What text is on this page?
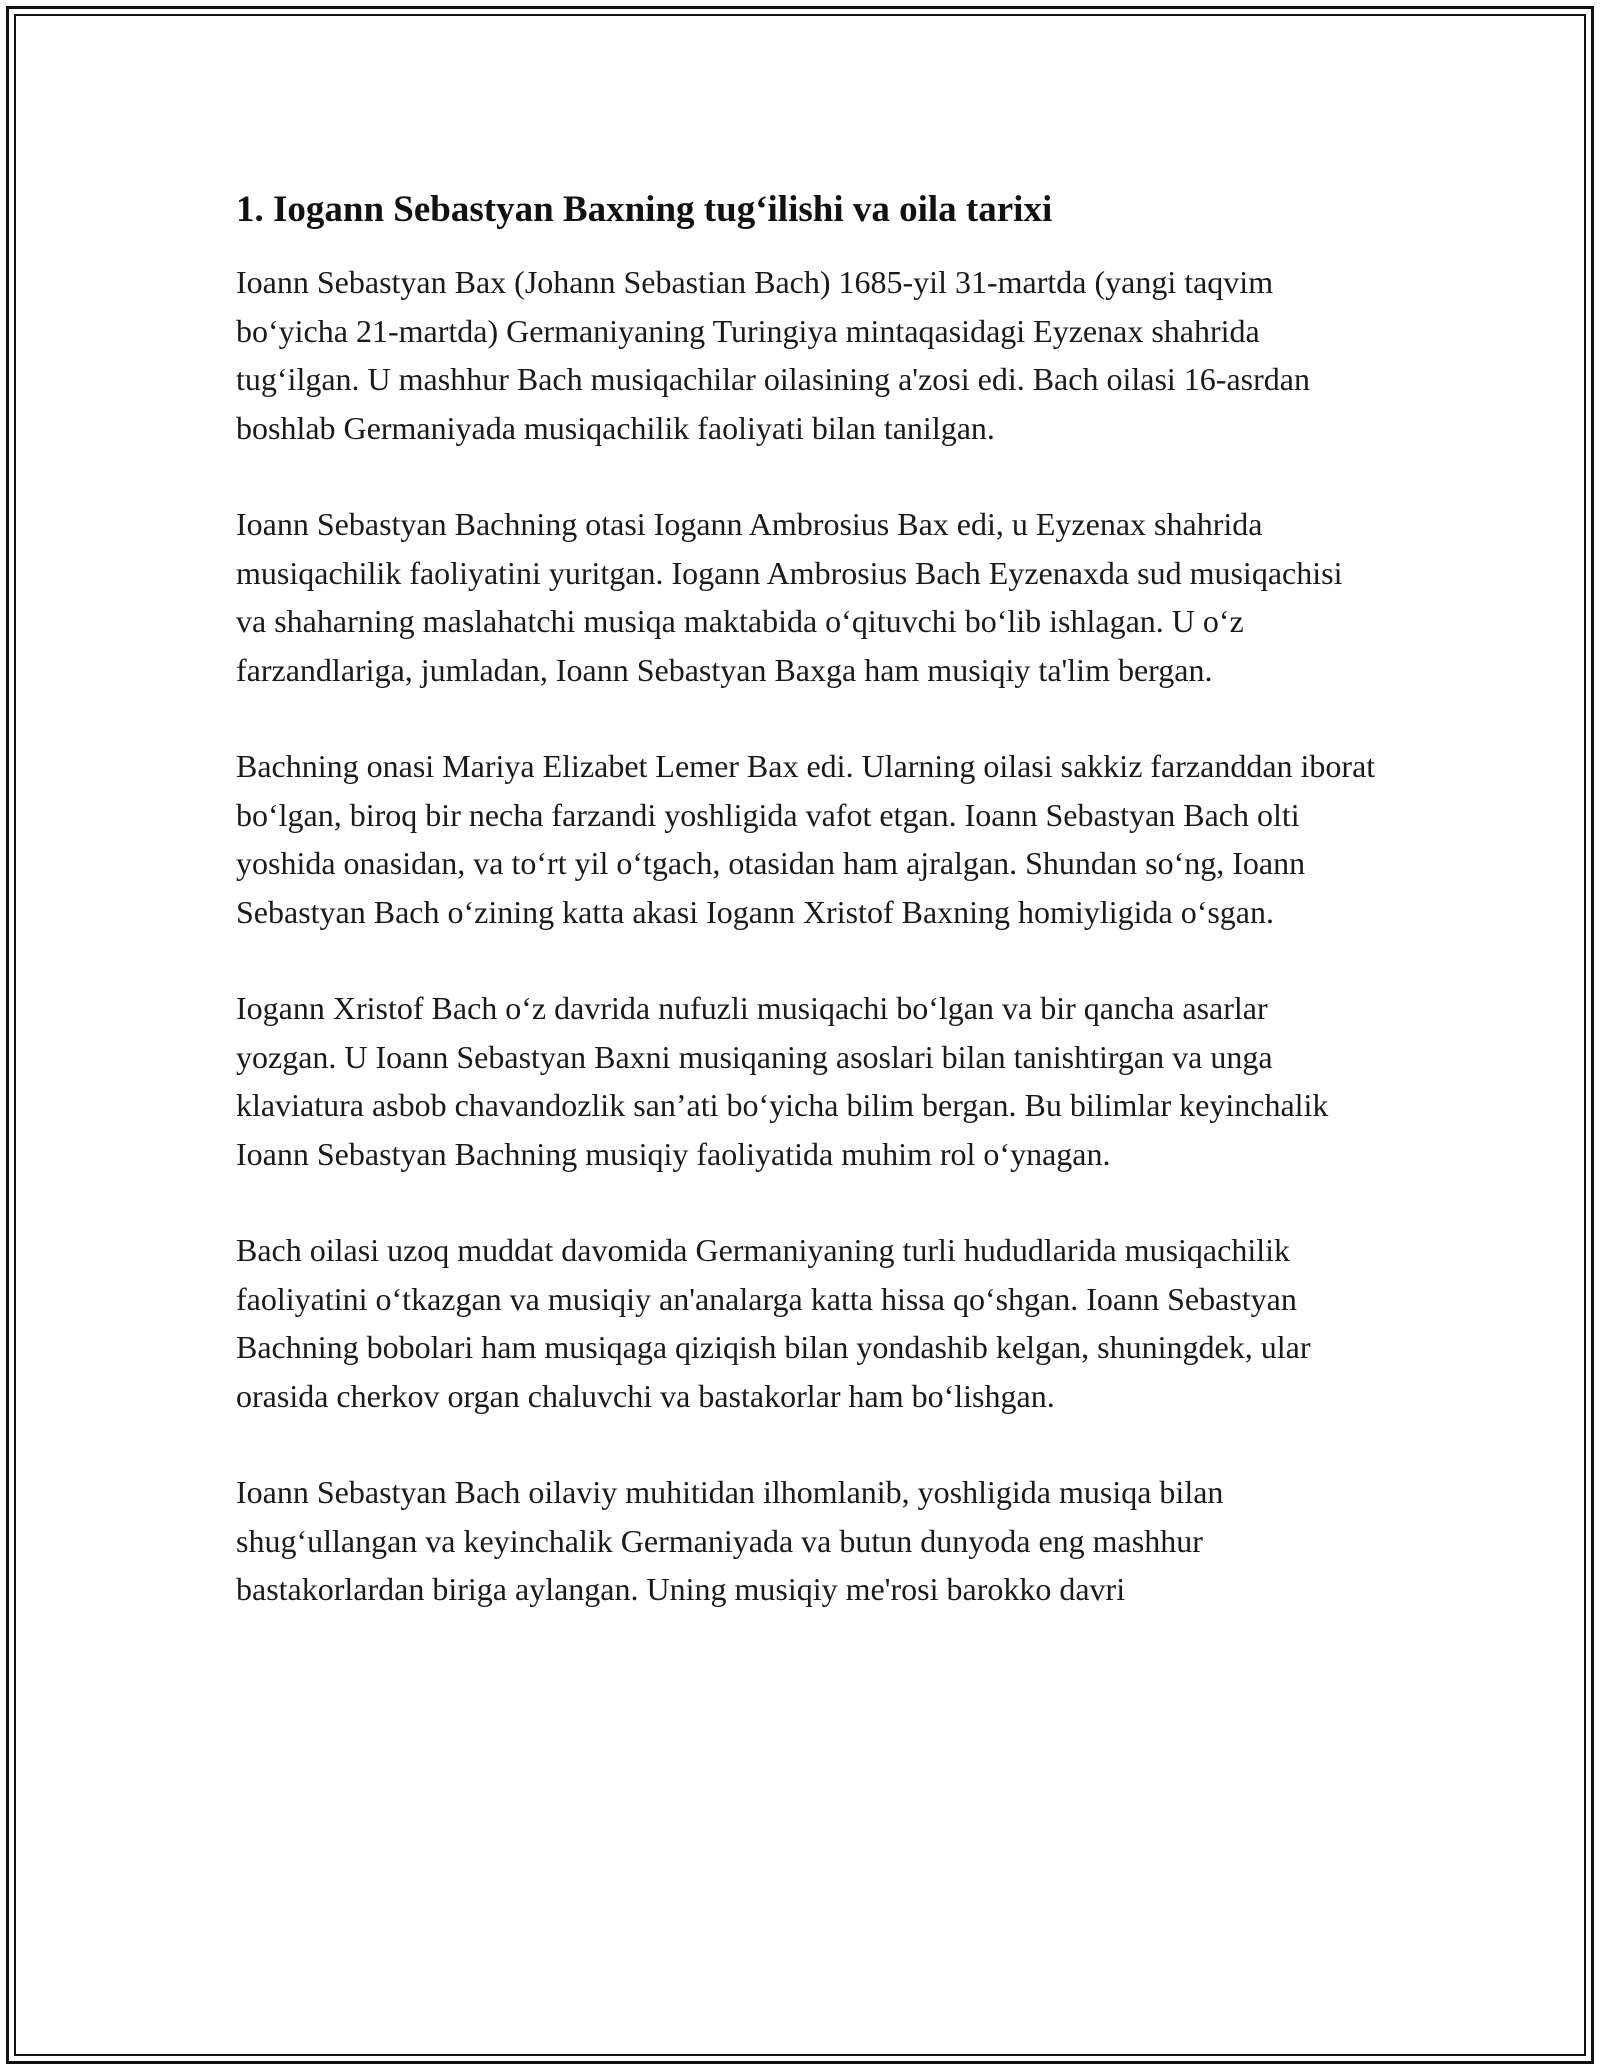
1. Iogann Sebastyan Baxning tug‘ilishi va oila tarixi

Ioann Sebastyan Bax (Johann Sebastian Bach) 1685-yil 31-martda (yangi taqvim bo‘yicha 21-martda) Germaniyaning Turingiya mintaqasidagi Eyzenax shahrida tug‘ilgan. U mashhur Bach musiqachilar oilasining a'zosi edi. Bach oilasi 16-asrdan boshlab Germaniyada musiqachilik faoliyati bilan tanilgan.

Ioann Sebastyan Bachning otasi Iogann Ambrosius Bax edi, u Eyzenax shahrida musiqachilik faoliyatini yuritgan. Iogann Ambrosius Bach Eyzenaxda sud musiqachisi va shaharning maslahatchi musiqa maktabida o‘qituvchi bo‘lib ishlagan. U o‘z farzandlariga, jumladan, Ioann Sebastyan Baxga ham musiqiy ta'lim bergan.

Bachning onasi Mariya Elizabet Lemer Bax edi. Ularning oilasi sakkiz farzanddan iborat bo‘lgan, biroq bir necha farzandi yoshligida vafot etgan. Ioann Sebastyan Bach olti yoshida onasidan, va to‘rt yil o‘tgach, otasidan ham ajralgan. Shundan so‘ng, Ioann Sebastyan Bach o‘zining katta akasi Iogann Xristof Baxning homiyligida o‘sgan.

Iogann Xristof Bach o‘z davrida nufuzli musiqachi bo‘lgan va bir qancha asarlar yozgan. U Ioann Sebastyan Baxni musiqaning asoslari bilan tanishtirgan va unga klaviatura asbob chavandozlik san’ati bo‘yicha bilim bergan. Bu bilimlar keyinchalik Ioann Sebastyan Bachning musiqiy faoliyatida muhim rol o‘ynagan.

Bach oilasi uzoq muddat davomida Germaniyaning turli hududlarida musiqachilik faoliyatini o‘tkazgan va musiqiy an'analarga katta hissa qo‘shgan. Ioann Sebastyan Bachning bobolari ham musiqaga qiziqish bilan yondashib kelgan, shuningdek, ular orasida cherkov organ chaluvchi va bastakorlar ham bo‘lishgan.

Ioann Sebastyan Bach oilaviy muhitidan ilhomlanib, yoshligida musiqa bilan shug‘ullangan va keyinchalik Germaniyada va butun dunyoda eng mashhur bastakorlardan biriga aylangan. Uning musiqiy me'rosi barokko davri
